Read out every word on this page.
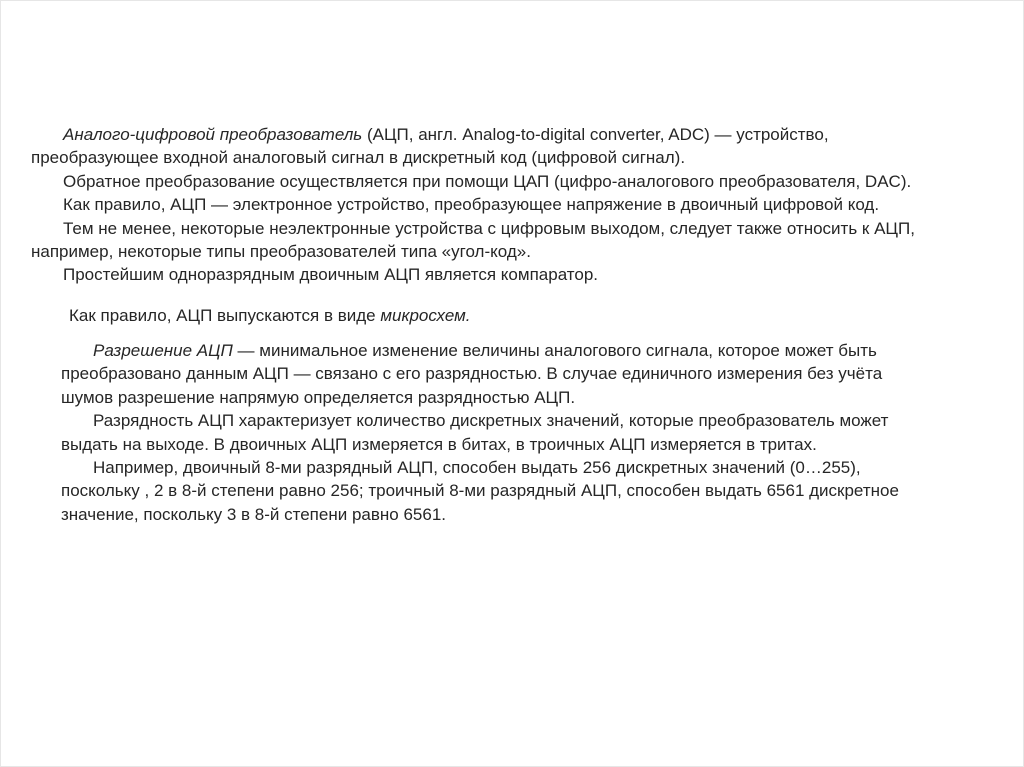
Аналого-цифровой преобразователь (АЦП, англ. Analog-to-digital converter, ADC) — устройство,

преобразующее входной аналоговый сигнал в дискретный код (цифровой сигнал).

Обратное преобразование осуществляется при помощи ЦАП (цифро-аналогового преобразователя, DAC).

Как правило, АЦП — электронное устройство, преобразующее напряжение в двоичный цифровой код.

Тем не менее, некоторые неэлектронные устройства с цифровым выходом, следует также относить к АЦП,

например, некоторые типы преобразователей типа «угол-код».

Простейшим одноразрядным двоичным АЦП является компаратор.

Как правило, АЦП выпускаются в виде микросхем.

Разрешение АЦП — минимальное изменение величины аналогового сигнала, которое может быть

преобразовано данным АЦП — связано с его разрядностью. В случае единичного измерения без учёта

шумов разрешение напрямую определяется разрядностью АЦП.

Разрядность АЦП характеризует количество дискретных значений, которые преобразователь может

выдать на выходе. В двоичных АЦП измеряется в битах, в троичных АЦП измеряется в тритах.

Например, двоичный 8-ми разрядный АЦП, способен выдать 256 дискретных значений (0…255),

поскольку , 2 в 8-й степени равно 256; троичный 8-ми разрядный АЦП, способен выдать 6561 дискретное

значение, поскольку 3 в 8-й степени равно 6561.
